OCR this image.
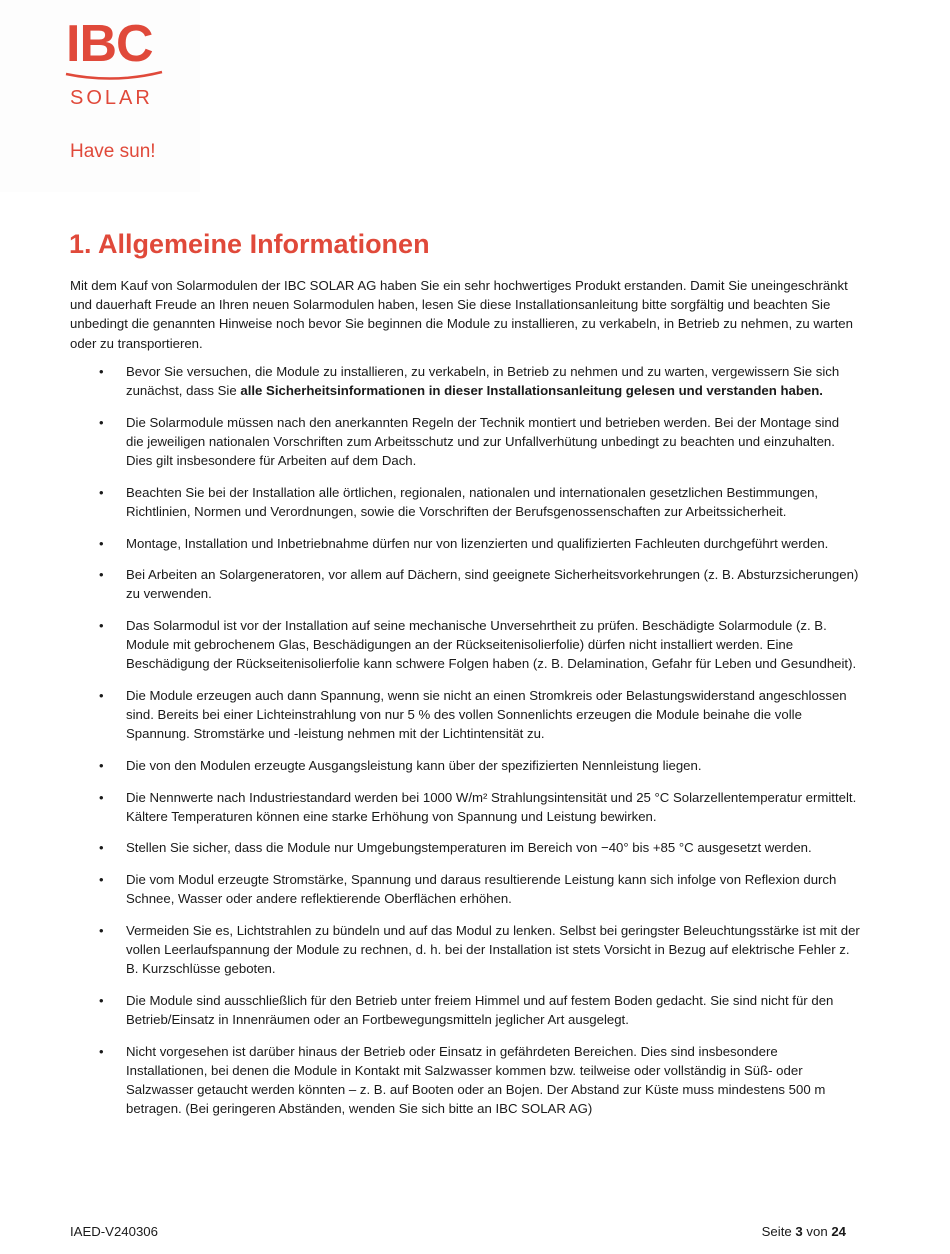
IBC
SOLAR
Have sun!
1. Allgemeine Informationen

Mit dem Kauf von Solarmodulen der IBC SOLAR AG haben Sie ein sehr hochwertiges Produkt erstanden. Damit Sie uneingeschränkt und dauerhaft Freude an Ihren neuen Solarmodulen haben, lesen Sie diese Installationsanleitung bitte sorgfältig und beachten Sie unbedingt die genannten Hinweise noch bevor Sie beginnen die Module zu installieren, zu verkabeln, in Betrieb zu nehmen, zu warten oder zu transportieren.

• Bevor Sie versuchen, die Module zu installieren, zu verkabeln, in Betrieb zu nehmen und zu warten, vergewissern Sie sich zunächst, dass Sie alle Sicherheitsinformationen in dieser Installationsanleitung gelesen und verstanden haben.
• Die Solarmodule müssen nach den anerkannten Regeln der Technik montiert und betrieben werden. Bei der Montage sind die jeweiligen nationalen Vorschriften zum Arbeitsschutz und zur Unfallverhütung unbedingt zu beachten und einzuhalten. Dies gilt insbesondere für Arbeiten auf dem Dach.
• Beachten Sie bei der Installation alle örtlichen, regionalen, nationalen und internationalen gesetzlichen Bestimmungen, Richtlinien, Normen und Verordnungen, sowie die Vorschriften der Berufsgenossenschaften zur Arbeitssicherheit.
• Montage, Installation und Inbetriebnahme dürfen nur von lizenzierten und qualifizierten Fachleuten durchgeführt werden.
• Bei Arbeiten an Solargeneratoren, vor allem auf Dächern, sind geeignete Sicherheitsvorkehrungen (z. B. Absturzsicherungen) zu verwenden.
• Das Solarmodul ist vor der Installation auf seine mechanische Unversehrtheit zu prüfen. Beschädigte Solarmodule (z. B. Module mit gebrochenem Glas, Beschädigungen an der Rückseitenisolierfolie) dürfen nicht installiert werden. Eine Beschädigung der Rückseitenisolierfolie kann schwere Folgen haben (z. B. Delamination, Gefahr für Leben und Gesundheit).
• Die Module erzeugen auch dann Spannung, wenn sie nicht an einen Stromkreis oder Belastungswiderstand angeschlossen sind. Bereits bei einer Lichteinstrahlung von nur 5 % des vollen Sonnenlichts erzeugen die Module beinahe die volle Spannung. Stromstärke und -leistung nehmen mit der Lichtintensität zu.
• Die von den Modulen erzeugte Ausgangsleistung kann über der spezifizierten Nennleistung liegen.
• Die Nennwerte nach Industriestandard werden bei 1000 W/m² Strahlungsintensität und 25 °C Solarzellentemperatur ermittelt. Kältere Temperaturen können eine starke Erhöhung von Spannung und Leistung bewirken.
• Stellen Sie sicher, dass die Module nur Umgebungstemperaturen im Bereich von −40° bis +85 °C ausgesetzt werden.
• Die vom Modul erzeugte Stromstärke, Spannung und daraus resultierende Leistung kann sich infolge von Reflexion durch Schnee, Wasser oder andere reflektierende Oberflächen erhöhen.
• Vermeiden Sie es, Lichtstrahlen zu bündeln und auf das Modul zu lenken. Selbst bei geringster Beleuchtungsstärke ist mit der vollen Leerlaufspannung der Module zu rechnen, d. h. bei der Installation ist stets Vorsicht in Bezug auf elektrische Fehler z. B. Kurzschlüsse geboten.
• Die Module sind ausschließlich für den Betrieb unter freiem Himmel und auf festem Boden gedacht. Sie sind nicht für den Betrieb/Einsatz in Innenräumen oder an Fortbewegungsmitteln jeglicher Art ausgelegt.
• Nicht vorgesehen ist darüber hinaus der Betrieb oder Einsatz in gefährdeten Bereichen. Dies sind insbesondere Installationen, bei denen die Module in Kontakt mit Salzwasser kommen bzw. teilweise oder vollständig in Süß- oder Salzwasser getaucht werden könnten – z. B. auf Booten oder an Bojen. Der Abstand zur Küste muss mindestens 500 m betragen. (Bei geringeren Abständen, wenden Sie sich bitte an IBC SOLAR AG)
IAED-V240306	Seite 3 von 24
